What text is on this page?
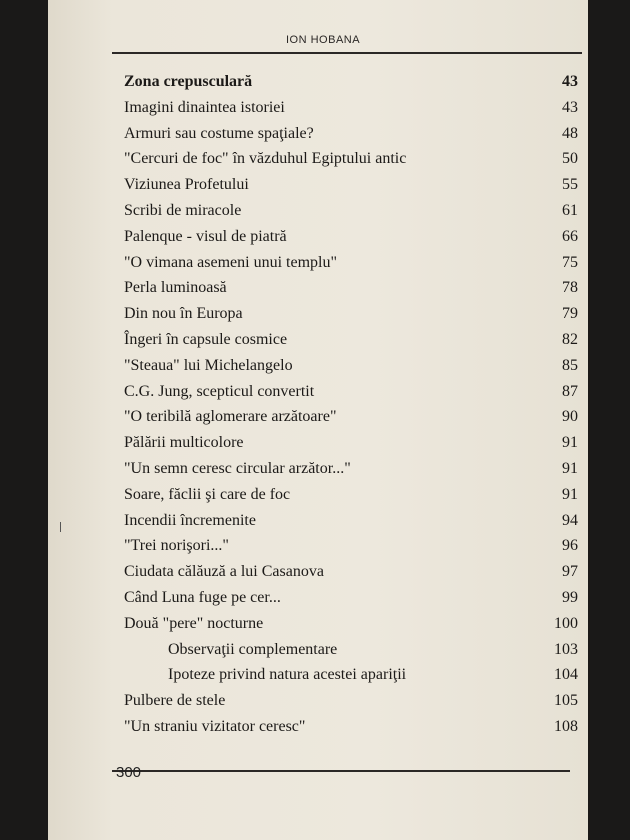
ION HOBANA
Zona crepusculară	43
Imagini dinaintea istoriei	43
Armuri sau costume spaţiale?	48
"Cercuri de foc" în văzduhul Egiptului antic	50
Viziunea Profetului	55
Scribi de miracole	61
Palenque - visul de piatră	66
"O vimana asemeni unui templu"	75
Perla luminoasă	78
Din nou în Europa	79
Îngeri în capsule cosmice	82
"Steaua" lui Michelangelo	85
C.G. Jung, scepticul convertit	87
"O teribilă aglomerare arzătoare"	90
Pălării multicolore	91
"Un semn ceresc circular arzător..."	91
Soare, făclii şi care de foc	91
Incendii încremenite	94
"Trei norişori..."	96
Ciudata călăuză a lui Casanova	97
Când Luna fuge pe cer...	99
Două "pere" nocturne	100
Observaţii complementare	103
Ipoteze privind natura acestei apariţii	104
Pulbere de stele	105
"Un straniu vizitator ceresc"	108
300
